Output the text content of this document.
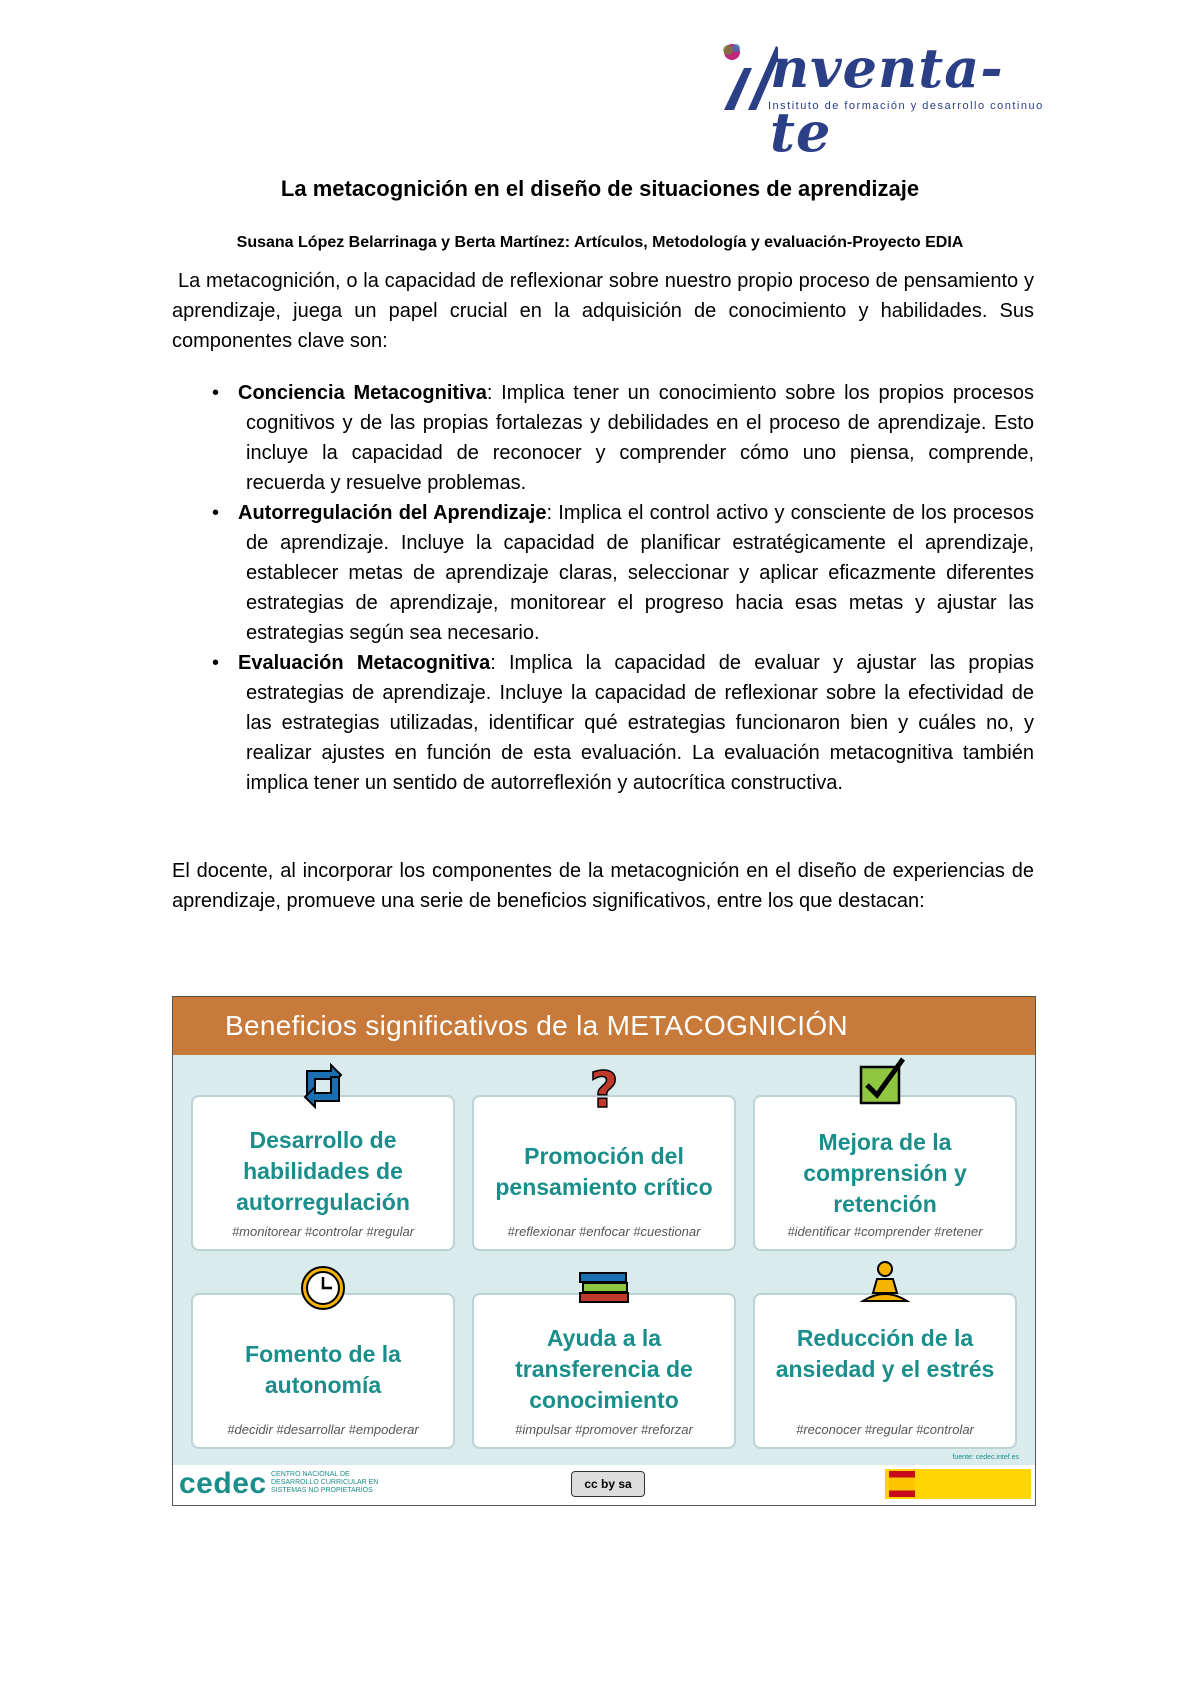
nventa-te
Instituto de formación y desarrollo continuo
La metacognición en el diseño de situaciones de aprendizaje
Susana López Belarrinaga y Berta Martínez: Artículos, Metodología y evaluación-Proyecto EDIA
La metacognición, o la capacidad de reflexionar sobre nuestro propio proceso de pensamiento y aprendizaje, juega un papel crucial en la adquisición de conocimiento y habilidades. Sus componentes clave son:
• Conciencia Metacognitiva: Implica tener un conocimiento sobre los propios procesos cognitivos y de las propias fortalezas y debilidades en el proceso de aprendizaje. Esto incluye la capacidad de reconocer y comprender cómo uno piensa, comprende, recuerda y resuelve problemas.
• Autorregulación del Aprendizaje: Implica el control activo y consciente de los procesos de aprendizaje. Incluye la capacidad de planificar estratégicamente el aprendizaje, establecer metas de aprendizaje claras, seleccionar y aplicar eficazmente diferentes estrategias de aprendizaje, monitorear el progreso hacia esas metas y ajustar las estrategias según sea necesario.
• Evaluación Metacognitiva: Implica la capacidad de evaluar y ajustar las propias estrategias de aprendizaje. Incluye la capacidad de reflexionar sobre la efectividad de las estrategias utilizadas, identificar qué estrategias funcionaron bien y cuáles no, y realizar ajustes en función de esta evaluación. La evaluación metacognitiva también implica tener un sentido de autorreflexión y autocrítica constructiva.
El docente, al incorporar los componentes de la metacognición en el diseño de experiencias de aprendizaje, promueve una serie de beneficios significativos, entre los que destacan:
Beneficios significativos de la METACOGNICIÓN
Desarrollo de habilidades de autorregulación
#monitorear #controlar #regular
Promoción del pensamiento crítico
#reflexionar #enfocar #cuestionar
?
Mejora de la comprensión y retención
#identificar #comprender #retener
Fomento de la autonomía
#decidir #desarrollar #empoderar
Ayuda a la transferencia de conocimiento
#impulsar #promover #reforzar
Reducción de la ansiedad y el estrés
#reconocer #regular #controlar
fuente: cedec.intef.es
cedec CENTRO NACIONAL DE DESARROLLO CURRICULAR EN SISTEMAS NO PROPIETARIOS	cc by sa
